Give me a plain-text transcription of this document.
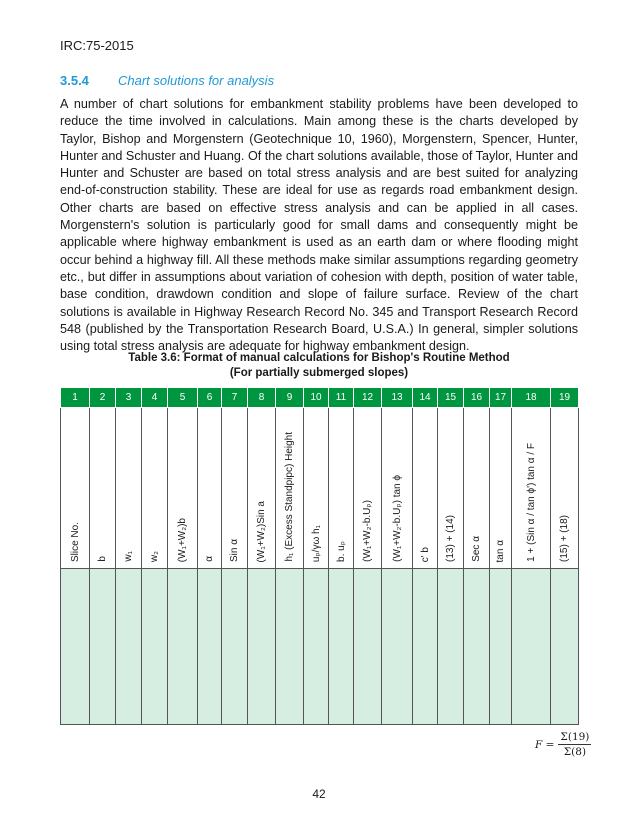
IRC:75-2015
3.5.4 Chart solutions for analysis

A number of chart solutions for embankment stability problems have been developed to reduce the time involved in calculations. Main among these is the charts developed by Taylor, Bishop and Morgenstern (Geotechnique 10, 1960), Morgenstern, Spencer, Hunter, Hunter and Schuster and Huang. Of the chart solutions available, those of Taylor, Hunter and Hunter and Schuster are based on total stress analysis and are best suited for analyzing end-of-construction stability. These are ideal for use as regards road embankment design. Other charts are based on effective stress analysis and can be applied in all cases. Morgenstern's solution is particularly good for small dams and consequently might be applicable where highway embankment is used as an earth dam or where flooding might occur behind a highway fill. All these methods make similar assumptions regarding geometry etc., but differ in assumptions about variation of cohesion with depth, position of water table, base condition, drawdown condition and slope of failure surface. Review of the chart solutions is available in Highway Research Record No. 345 and Transport Research Record 548 (published by the Transportation Research Board, U.S.A.) In general, simpler solutions using total stress analysis are adequate for highway embankment design.

Table 3.6: Format of manual calculations for Bishop's Routine Method
(For partially submerged slopes)
1	2	3	4	5	6	7	8	9	10	11	12	13	14	15	16	17	18	19

Slice No.	b	w₁	w₂	(W₁+W₂)b	α	Sin α	(W₁+W₂)Sin a	h₁ (Excess Standpipc) Height	uₚ/γω h₁	b. uₚ	(W₁+W₂-b.Uₚ)	(W₁+W₂-b.Uₚ) tan ϕ	c' b	(13) + (14)	Sec α	tan α	1 + (Sin α / tan ϕ') tan α / F	(15) + (18)

$F = \frac{\Sigma(19)}{\Sigma(8)}$
42
